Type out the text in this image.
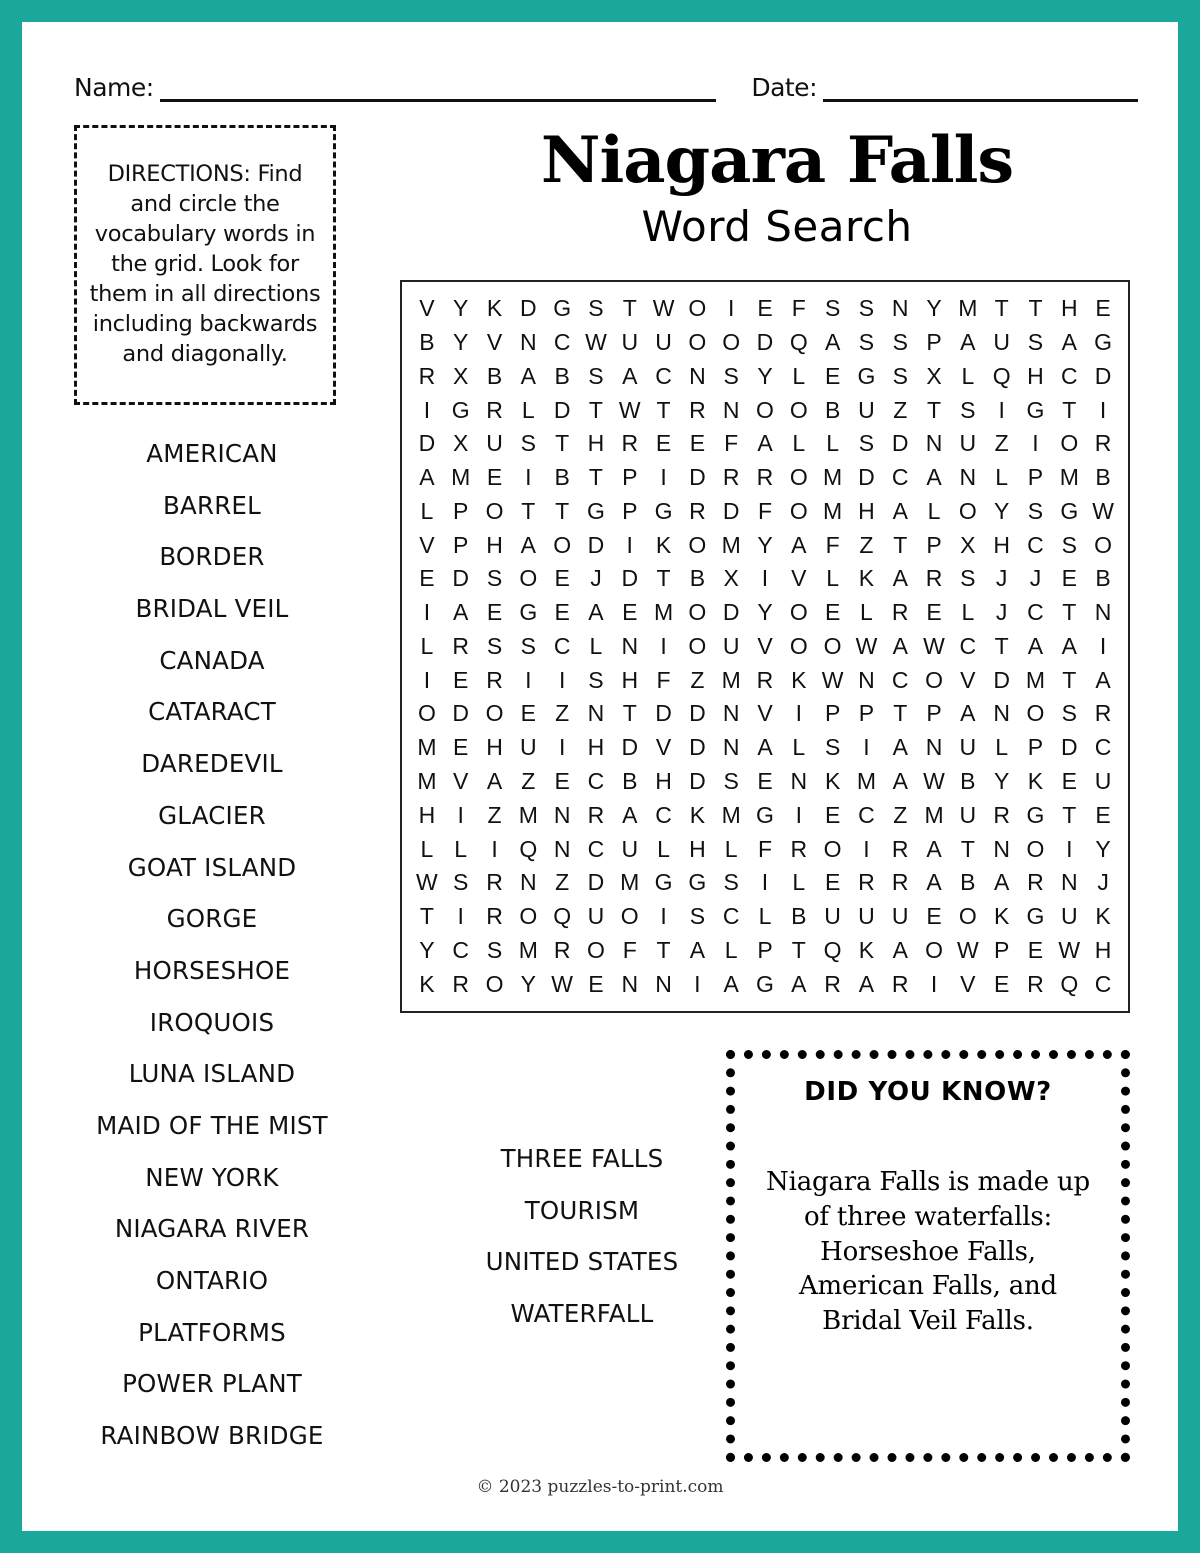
Name:	Date:
DIRECTIONS: Find and circle the vocabulary words in the grid. Look for them in all directions including backwards and diagonally.
Niagara Falls
Word Search
V Y K D G S T W O I E F S S N Y M T T H E
B Y V N C W U U O O D Q A S S P A U S A G
R X B A B S A C N S Y L E G S X L Q H C D
I G R L D T W T R N O O B U Z T S I G T	I
D X U S T H R E E F A L L S D N U Z	I O R
A M E I B T P I D R R O M D C A N L P M B
L P O T T G P G R D F O M H A L O Y S G W
V P H A O D I K O M Y A F Z T P X H C S O
E D S O E J D T B X I V L K A R S J J E B
I A E G E A E M O D Y O E L R E L J C T N
L R S S C L N I O U V O O W A W C T A A I
I E R I	I S H F Z M R K W N C O V D M T A
O D O E Z N T D D N V I P P T P A N O S R
M E H U I H D V D N A L S I A N U L P D C
M V A Z E C B H D S E N K M A W B Y K E U
H I	Z M N R A C K M G I E C Z M U R G T E
L L	I Q N C U L H L F R O I R A T N O I Y
W S R N Z D M G G S I	L E R R A B A R N J
T	I R O Q U O I S C L B U U U E O K G U K
Y C S M R O F T A L P T Q K A O W P E W H
K R O Y W E N N I A G A R A R I V E R Q C
AMERICAN
BARREL
BORDER
BRIDAL VEIL
CANADA
CATARACT
DAREDEVIL
GLACIER
GOAT ISLAND
GORGE
HORSESHOE
IROQUOIS
LUNA ISLAND
MAID OF THE MIST
NEW YORK
NIAGARA RIVER
ONTARIO
PLATFORMS
POWER PLANT
RAINBOW BRIDGE
THREE FALLS
TOURISM
UNITED STATES
WATERFALL
DID YOU KNOW?
Niagara Falls is made up of three waterfalls: Horseshoe Falls, American Falls, and Bridal Veil Falls.
© 2023 puzzles-to-print.com
